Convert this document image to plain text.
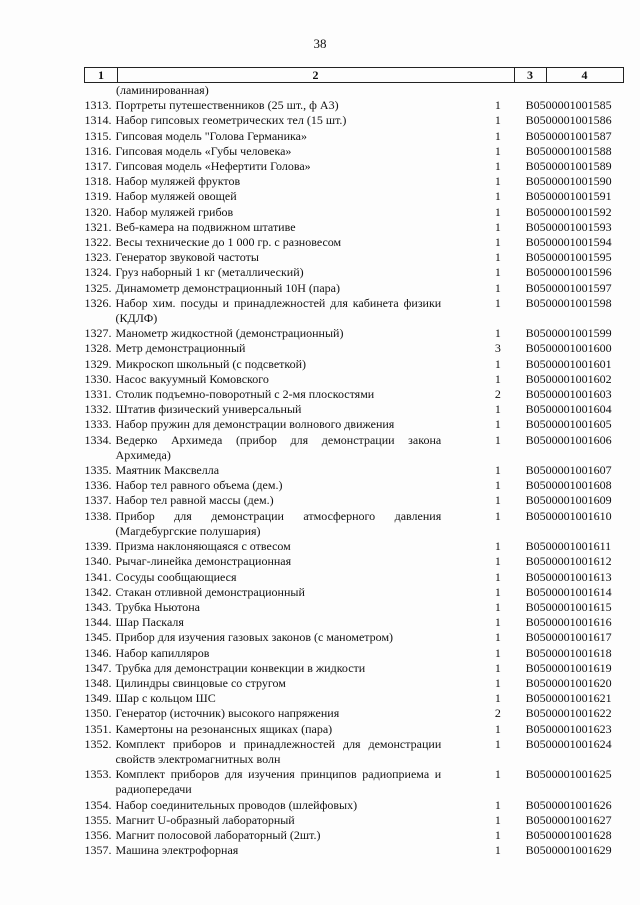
38
1	2	3	4
(ламинированная)
1313. Портреты путешественников (25 шт., ф А3)	1	B0500001001585
1314. Набор гипсовых геометрических тел (15 шт.)	1	B0500001001586
1315. Гипсовая модель "Голова Германика»	1	B0500001001587
1316. Гипсовая модель «Губы человека»	1	B0500001001588
1317. Гипсовая модель «Нефертити Голова»	1	B0500001001589
1318. Набор муляжей фруктов	1	B0500001001590
1319. Набор муляжей овощей	1	B0500001001591
1320. Набор муляжей грибов	1	B0500001001592
1321. Веб-камера на подвижном штативе	1	B0500001001593
1322. Весы технические до 1 000 гр. с разновесом	1	B0500001001594
1323. Генератор звуковой частоты	1	B0500001001595
1324. Груз наборный 1 кг (металлический)	1	B0500001001596
1325. Динамометр демонстрационный 10Н (пара)	1	B0500001001597
1326. Набор хим. посуды и принадлежностей для кабинета физики (КДЛФ)
1	B0500001001598
1327. Манометр жидкостной (демонстрационный)	1	B0500001001599
1328. Метр демонстрационный	3	B0500001001600
1329. Микроскоп школьный (с подсветкой)	1	B0500001001601
1330. Насос вакуумный Комовского	1	B0500001001602
1331. Столик подъемно-поворотный с 2-мя плоскостями	2	B0500001001603
1332. Штатив физический универсальный	1	B0500001001604
1333. Набор пружин для демонстрации волнового движения	1	B0500001001605
1334. Ведерко Архимеда (прибор для демонстрации закона Архимеда)
1	B0500001001606
1335. Маятник Максвелла	1	B0500001001607
1336. Набор тел равного объема (дем.)	1	B0500001001608
1337. Набор тел равной массы (дем.)	1	B0500001001609
1338. Прибор для демонстрации атмосферного давления (Магдебургские полушария)
1	B0500001001610
1339. Призма наклоняющаяся с отвесом	1	B0500001001611
1340. Рычаг-линейка демонстрационная	1	B0500001001612
1341. Сосуды сообщающиеся	1	B0500001001613
1342. Стакан отливной демонстрационный	1	B0500001001614
1343. Трубка Ньютона	1	B0500001001615
1344. Шар Паскаля	1	B0500001001616
1345. Прибор для изучения газовых законов (с манометром)	1	B0500001001617
1346. Набор капилляров	1	B0500001001618
1347. Трубка для демонстрации конвекции в жидкости	1	B0500001001619
1348. Цилиндры свинцовые со стругом	1	B0500001001620
1349. Шар с кольцом ШС	1	B0500001001621
1350. Генератор (источник) высокого напряжения	2	B0500001001622
1351. Камертоны на резонансных ящиках (пара)	1	B0500001001623
1352. Комплект приборов и принадлежностей для демонстрации свойств электромагнитных волн
1	B0500001001624
1353. Комплект приборов для изучения принципов радиоприема и радиопередачи
1	B0500001001625
1354. Набор соединительных проводов (шлейфовых)	1	B0500001001626
1355. Магнит U-образный лабораторный	1	B0500001001627
1356. Магнит полосовой лабораторный (2шт.)	1	B0500001001628
1357. Машина электрофорная	1	B0500001001629
